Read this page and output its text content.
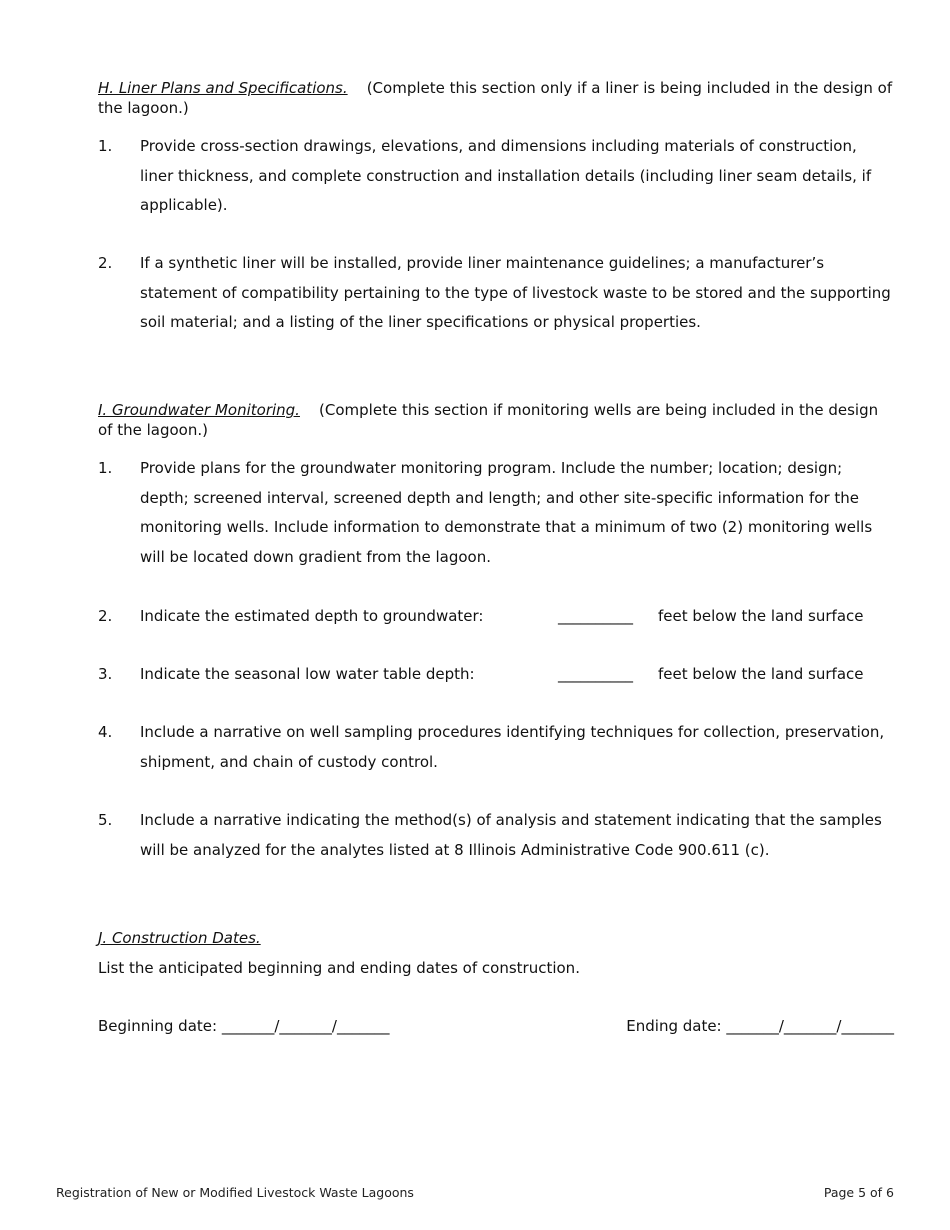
H. Liner Plans and Specifications. (Complete this section only if a liner is being included in the design of the lagoon.)
1. Provide cross-section drawings, elevations, and dimensions including materials of construction, liner thickness, and complete construction and installation details (including liner seam details, if applicable).
2. If a synthetic liner will be installed, provide liner maintenance guidelines; a manufacturer’s statement of compatibility pertaining to the type of livestock waste to be stored and the supporting soil material; and a listing of the liner specifications or physical properties.
I. Groundwater Monitoring. (Complete this section if monitoring wells are being included in the design of the lagoon.)
1. Provide plans for the groundwater monitoring program. Include the number; location; design; depth; screened interval, screened depth and length; and other site-specific information for the monitoring wells. Include information to demonstrate that a minimum of two (2) monitoring wells will be located down gradient from the lagoon.
2. Indicate the estimated depth to groundwater:	__________ feet below the land surface
3. Indicate the seasonal low water table depth:	__________ feet below the land surface
4. Include a narrative on well sampling procedures identifying techniques for collection, preservation, shipment, and chain of custody control.
5. Include a narrative indicating the method(s) of analysis and statement indicating that the samples will be analyzed for the analytes listed at 8 Illinois Administrative Code 900.611 (c).
J. Construction Dates.
List the anticipated beginning and ending dates of construction.
Beginning date: _______/_______/_______	Ending date: _______/_______/_______
Registration of New or Modified Livestock Waste Lagoons	Page 5 of 6
